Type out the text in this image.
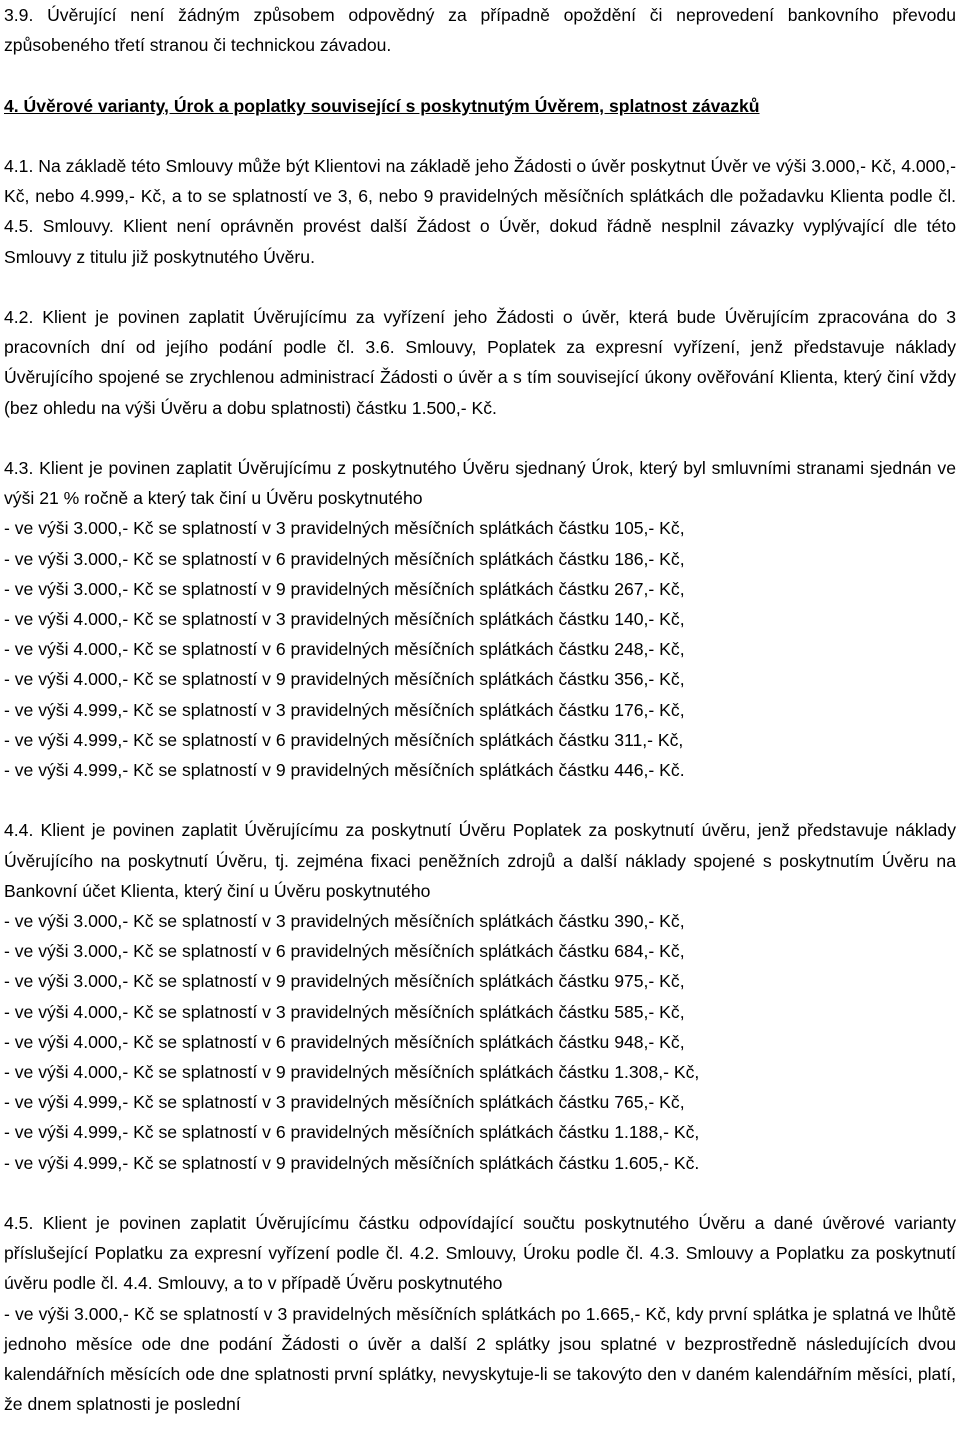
3.9. Úvěrující není žádným způsobem odpovědný za případně opoždění či neprovedení bankovního převodu způsobeného třetí stranou či technickou závadou.

4. Úvěrové varianty, Úrok a poplatky související s poskytnutým Úvěrem, splatnost závazků

4.1. Na základě této Smlouvy může být Klientovi na základě jeho Žádosti o úvěr poskytnut Úvěr ve výši 3.000,- Kč, 4.000,- Kč, nebo 4.999,- Kč, a to se splatností ve 3, 6, nebo 9 pravidelných měsíčních splátkách dle požadavku Klienta podle čl. 4.5. Smlouvy. Klient není oprávněn provést další Žádost o Úvěr, dokud řádně nesplnil závazky vyplývající dle této Smlouvy z titulu již poskytnutého Úvěru.

4.2. Klient je povinen zaplatit Úvěrujícímu za vyřízení jeho Žádosti o úvěr, která bude Úvěrujícím zpracována do 3 pracovních dní od jejího podání podle čl. 3.6. Smlouvy, Poplatek za expresní vyřízení, jenž představuje náklady Úvěrujícího spojené se zrychlenou administrací Žádosti o úvěr a s tím související úkony ověřování Klienta, který činí vždy (bez ohledu na výši Úvěru a dobu splatnosti) částku 1.500,- Kč.

4.3. Klient je povinen zaplatit Úvěrujícímu z poskytnutého Úvěru sjednaný Úrok, který byl smluvními stranami sjednán ve výši 21 % ročně a který tak činí u Úvěru poskytnutého

- ve výši 3.000,- Kč se splatností v 3 pravidelných měsíčních splátkách částku 105,- Kč,
- ve výši 3.000,- Kč se splatností v 6 pravidelných měsíčních splátkách částku 186,- Kč,
- ve výši 3.000,- Kč se splatností v 9 pravidelných měsíčních splátkách částku 267,- Kč,
- ve výši 4.000,- Kč se splatností v 3 pravidelných měsíčních splátkách částku 140,- Kč,
- ve výši 4.000,- Kč se splatností v 6 pravidelných měsíčních splátkách částku 248,- Kč,
- ve výši 4.000,- Kč se splatností v 9 pravidelných měsíčních splátkách částku 356,- Kč,
- ve výši 4.999,- Kč se splatností v 3 pravidelných měsíčních splátkách částku 176,- Kč,
- ve výši 4.999,- Kč se splatností v 6 pravidelných měsíčních splátkách částku 311,- Kč,
- ve výši 4.999,- Kč se splatností v 9 pravidelných měsíčních splátkách částku 446,- Kč.

4.4. Klient je povinen zaplatit Úvěrujícímu za poskytnutí Úvěru Poplatek za poskytnutí úvěru, jenž představuje náklady Úvěrujícího na poskytnutí Úvěru, tj. zejména fixaci peněžních zdrojů a další náklady spojené s poskytnutím Úvěru na Bankovní účet Klienta, který činí u Úvěru poskytnutého

- ve výši 3.000,- Kč se splatností v 3 pravidelných měsíčních splátkách částku 390,- Kč,
- ve výši 3.000,- Kč se splatností v 6 pravidelných měsíčních splátkách částku 684,- Kč,
- ve výši 3.000,- Kč se splatností v 9 pravidelných měsíčních splátkách částku 975,- Kč,
- ve výši 4.000,- Kč se splatností v 3 pravidelných měsíčních splátkách částku 585,- Kč,
- ve výši 4.000,- Kč se splatností v 6 pravidelných měsíčních splátkách částku 948,- Kč,
- ve výši 4.000,- Kč se splatností v 9 pravidelných měsíčních splátkách částku 1.308,- Kč,
- ve výši 4.999,- Kč se splatností v 3 pravidelných měsíčních splátkách částku 765,- Kč,
- ve výši 4.999,- Kč se splatností v 6 pravidelných měsíčních splátkách částku 1.188,- Kč,
- ve výši 4.999,- Kč se splatností v 9 pravidelných měsíčních splátkách částku 1.605,- Kč.

4.5. Klient je povinen zaplatit Úvěrujícímu částku odpovídající součtu poskytnutého Úvěru a dané úvěrové varianty příslušející Poplatku za expresní vyřízení podle čl. 4.2. Smlouvy, Úroku podle čl. 4.3. Smlouvy a Poplatku za poskytnutí úvěru podle čl. 4.4. Smlouvy, a to v případě Úvěru poskytnutého

- ve výši 3.000,- Kč se splatností v 3 pravidelných měsíčních splátkách po 1.665,- Kč, kdy první splátka je splatná ve lhůtě jednoho měsíce ode dne podání Žádosti o úvěr a další 2 splátky jsou splatné v bezprostředně následujících dvou kalendářních měsících ode dne splatnosti první splátky, nevyskytuje-li se takovýto den v daném kalendářním měsíci, platí, že dnem splatnosti je poslední
